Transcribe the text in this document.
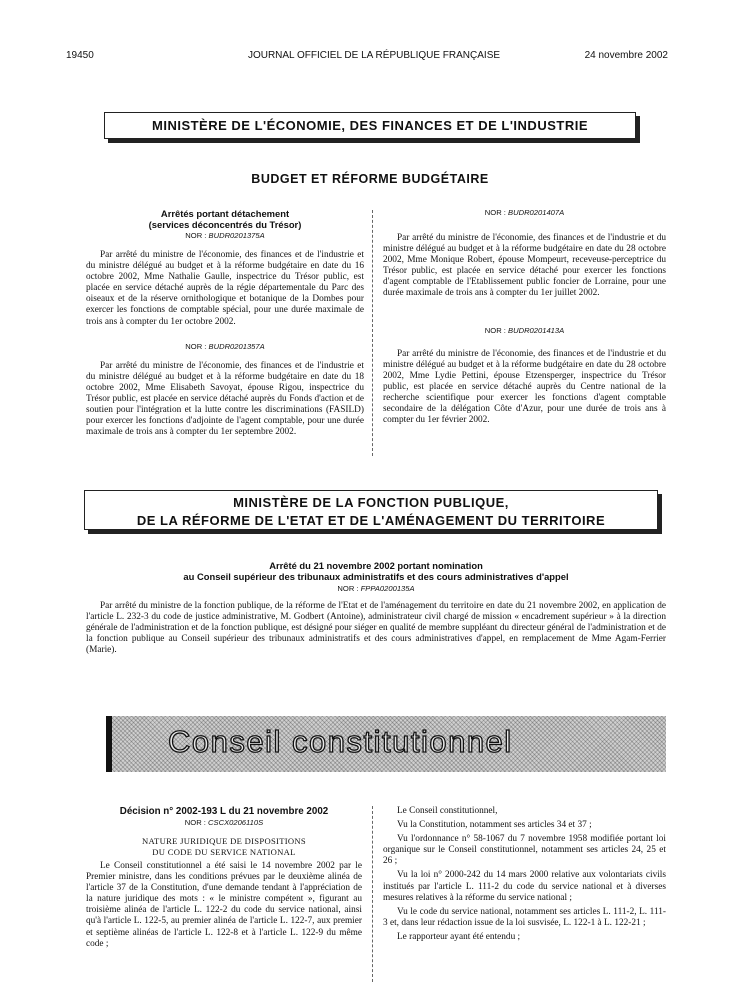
19450	JOURNAL OFFICIEL DE LA RÉPUBLIQUE FRANÇAISE	24 novembre 2002
MINISTÈRE DE L'ÉCONOMIE, DES FINANCES ET DE L'INDUSTRIE
BUDGET ET RÉFORME BUDGÉTAIRE
Arrêtés portant détachement
(services déconcentrés du Trésor)
NOR : BUDR0201375A

Par arrêté du ministre de l'économie, des finances et de l'industrie et du ministre délégué au budget et à la réforme budgétaire en date du 16 octobre 2002, Mme Nathalie Gaulle, inspectrice du Trésor public, est placée en service détaché auprès de la régie départementale du Parc des oiseaux et de la réserve ornithologique et botanique de la Dombes pour exercer les fonctions de comptable spécial, pour une durée maximale de trois ans à compter du 1er octobre 2002.

NOR : BUDR0201357A

Par arrêté du ministre de l'économie, des finances et de l'industrie et du ministre délégué au budget et à la réforme budgétaire en date du 18 octobre 2002, Mme Elisabeth Savoyat, épouse Rigou, inspectrice du Trésor public, est placée en service détaché auprès du Fonds d'action et de soutien pour l'intégration et la lutte contre les discriminations (FASILD) pour exercer les fonctions d'adjointe de l'agent comptable, pour une durée maximale de trois ans à compter du 1er septembre 2002.

NOR : BUDR0201407A

Par arrêté du ministre de l'économie, des finances et de l'industrie et du ministre délégué au budget et à la réforme budgétaire en date du 28 octobre 2002, Mme Monique Robert, épouse Mompeurt, receveuse-perceptrice du Trésor public, est placée en service détaché pour exercer les fonctions d'agent comptable de l'Etablissement public foncier de Lorraine, pour une durée maximale de trois ans à compter du 1er juillet 2002.

NOR : BUDR0201413A

Par arrêté du ministre de l'économie, des finances et de l'industrie et du ministre délégué au budget et à la réforme budgétaire en date du 28 octobre 2002, Mme Lydie Pettini, épouse Etzensperger, inspectrice du Trésor public, est placée en service détaché auprès du Centre national de la recherche scientifique pour exercer les fonctions d'agent comptable secondaire de la délégation Côte d'Azur, pour une durée de trois ans à compter du 1er février 2002.

MINISTÈRE DE LA FONCTION PUBLIQUE,
DE LA RÉFORME DE L'ETAT ET DE L'AMÉNAGEMENT DU TERRITOIRE
Arrêté du 21 novembre 2002 portant nomination
au Conseil supérieur des tribunaux administratifs et des cours administratives d'appel
NOR : FPPA0200135A

Par arrêté du ministre de la fonction publique, de la réforme de l'Etat et de l'aménagement du territoire en date du 21 novembre 2002, en application de l'article L. 232-3 du code de justice administrative, M. Godbert (Antoine), administrateur civil chargé de mission « encadrement supérieur » à la direction générale de l'administration et de la fonction publique, est désigné pour siéger en qualité de membre suppléant du directeur général de l'administration et de la fonction publique au Conseil supérieur des tribunaux administratifs et des cours administratives d'appel, en remplacement de Mme Agam-Ferrier (Marie).

Conseil constitutionnel
Décision n° 2002-193 L du 21 novembre 2002
NOR : CSCX0206110S
NATURE JURIDIQUE DE DISPOSITIONS
DU CODE DU SERVICE NATIONAL

Le Conseil constitutionnel a été saisi le 14 novembre 2002 par le Premier ministre, dans les conditions prévues par le deuxième alinéa de l'article 37 de la Constitution, d'une demande tendant à l'appréciation de la nature juridique des mots : « le ministre compétent », figurant au troisième alinéa de l'article L. 122-2 du code du service national, ainsi qu'à l'article L. 122-5, au premier alinéa de l'article L. 122-7, aux premier et septième alinéas de l'article L. 122-8 et à l'article L. 122-9 du même code ;

Le Conseil constitutionnel,

Vu la Constitution, notamment ses articles 34 et 37 ;

Vu l'ordonnance n° 58-1067 du 7 novembre 1958 modifiée portant loi organique sur le Conseil constitutionnel, notamment ses articles 24, 25 et 26 ;

Vu la loi n° 2000-242 du 14 mars 2000 relative aux volontariats civils institués par l'article L. 111-2 du code du service national et à diverses mesures relatives à la réforme du service national ;

Vu le code du service national, notamment ses articles L. 111-2, L. 111-3 et, dans leur rédaction issue de la loi susvisée, L. 122-1 à L. 122-21 ;

Le rapporteur ayant été entendu ;
